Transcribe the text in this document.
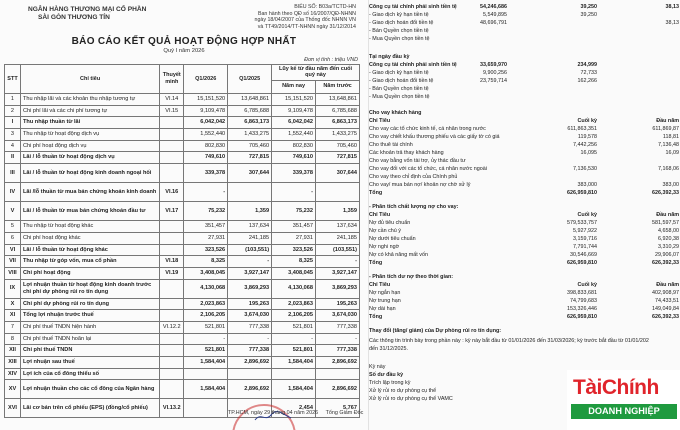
NGÂN HÀNG THƯƠNG MẠI CỔ PHẦN
SÀI GÒN THƯƠNG TÍN
BIỂU SỐ: B03a/TCTD-HN
Ban hành theo QĐ số 16/2007/QĐ-NHNN
ngày 18/04/2007 của Thống đốc NHNN VN
và TT49/2014/TT-NHNN ngày 31/12/2014
BÁO CÁO KẾT QUẢ HOẠT ĐỘNG HỢP NHẤT
Quý I năm 2026
Đơn vị tính : triệu VND
STT	Chỉ tiêu	Thuyết minh	Q1/2026	Q1/2025	Lũy kế từ đầu năm đến cuối quý này	
					Năm nay	Năm trước
1	Thu nhập lãi và các khoản thu nhập tương tự	VI.14	15,151,520	13,648,861	15,151,520	13,648,861
2	Chi phí lãi và các chi phí tương tự	VI.15	9,109,478	6,785,688	9,109,478	6,785,688
I	Thu nhập thuần từ lãi		6,042,042	6,863,173	6,042,042	6,863,173
3	Thu nhập từ hoạt động dịch vụ		1,552,440	1,433,275	1,552,440	1,433,275
4	Chi phí hoạt động dịch vụ		802,830	705,460	802,830	705,460
II	Lãi / lỗ thuần từ hoạt động dịch vụ		749,610	727,815	749,610	727,815
III	Lãi / lỗ thuần từ hoạt động kinh doanh ngoại hối		339,378	307,644	339,378	307,644
IV	Lãi /lỗ thuần từ mua bán chứng khoán kinh doanh	VI.16	-		-	
V	Lãi / lỗ thuần từ mua bán chứng khoán đầu tư	VI.17	75,232	1,359	75,232	1,359
5	Thu nhập từ hoạt động khác		351,457	137,634	351,457	137,634
6	Chi phí hoạt động khác		27,931	241,185	27,931	241,185
VI	Lãi / lỗ thuần từ hoạt động khác		323,526	(103,551)	323,526	(103,551)
VII	Thu nhập từ góp vốn, mua cổ phần	VI.18	8,325	-	8,325	-
VIII	Chi phí hoạt động	VI.19	3,408,045	3,927,147	3,408,045	3,927,147
IX	Lợi nhuận thuần từ hoạt động kinh doanh trước chi phí dự phòng rủi ro tín dụng		4,130,068	3,869,293	4,130,068	3,869,293
X	Chi phí dự phòng rủi ro tín dụng		2,023,863	195,263	2,023,863	195,263
XI	Tổng lợi nhuận trước thuế		2,106,205	3,674,030	2,106,205	3,674,030
7	Chi phí thuế TNDN hiện hành	VI.12.2	521,801	777,338	521,801	777,338
8	Chi phí thuế TNDN hoãn lại		-	-	-	-
XII	Chi phí thuế TNDN		521,801	777,338	521,801	777,338
XIII	Lợi nhuận sau thuế		1,584,404	2,896,692	1,584,404	2,896,692
XIV	Lợi ích của cổ đông thiểu số					
XV	Lợi nhuận thuần cho các cổ đông của Ngân hàng		1,584,404	2,896,692	1,584,404	2,896,692
XVI	Lãi cơ bản trên cổ phiếu (EPS) (đồng/cổ phiếu)	VI.13.2			2,454	5,767
TP.HCM, ngày 29 tháng 04 năm 2026 Tổng Giám Đốc
Công cụ tài chính phái sinh tiền tệ	54,246,686	39,250	38,13
- Giao dịch kỳ hạn tiền tệ	5,549,895	39,250
- Giao dịch hoán đổi tiền tệ	48,696,791	38,13
- Bán Quyền chọn tiền tệ
- Mua Quyền chọn tiền tệ
Tại ngày đầu kỳ
Công cụ tài chính phái sinh tiền tệ	33,659,970	234,999
- Giao dịch kỳ hạn tiền tệ	9,900,256	72,733
- Giao dịch hoán đổi tiền tệ	23,759,714	162,266
- Bán Quyền chọn tiền tệ
- Mua Quyền chọn tiền tệ
Cho vay khách hàng
Chỉ Tiêu	Cuối kỳ	Đầu năm
Cho vay các tổ chức kinh tế, cá nhân trong nước	611,863,351	611,869,87
Cho vay chiết khấu thương phiếu và các giấy tờ có giá	119,578	118,81
Cho thuê tài chính	7,442,256	7,136,48
Các khoản trả thay khách hàng	16,095	16,09
Cho vay bằng vốn tài trợ, ủy thác đầu tư
Cho vay đối với các tổ chức, cá nhân nước ngoài	7,136,530	7,168,06
Cho vay theo chỉ định của Chính phủ
Cho vay/ mua bán nợ/ khoản nợ chờ xử lý	383,000	383,00
Tổng	626,959,810	626,392,33
- Phân tích chất lượng nợ cho vay:
Chỉ Tiêu	Cuối kỳ	Đầu năm
Nợ đủ tiêu chuẩn	579,533,757	581,597,57
Nợ cần chú ý	5,927,922	4,658,00
Nợ dưới tiêu chuẩn	3,159,716	6,920,38
Nợ nghi ngờ	7,791,744	3,310,29
Nợ có khả năng mất vốn	30,546,669	29,906,07
Tổng	626,959,810	626,392,33
- Phân tích dư nợ theo thời gian:
Chỉ Tiêu	Cuối kỳ	Đầu năm
Nợ ngắn hạn	398,833,681	402,908,97
Nợ trung hạn	74,799,683	74,433,51
Nợ dài hạn	153,326,446	149,049,84
Tổng	626,959,810	626,392,33
Thay đổi (tăng/ giảm) của Dự phòng rủi ro tín dụng:
Các thông tin trình bày trong phần này : kỳ này bắt đầu từ 01/01/2026 đến 31/03/2026; kỳ trước bắt đầu từ 01/01/202
đến 31/12/2025.
Kỳ này
Số dư đầu kỳ
Trích lập trong kỳ
Xử lý rủi ro dự phòng cụ thể
Xử lý rủi ro dự phòng cụ thể VAMC	TàiChính
DOANH NGHIỆP
